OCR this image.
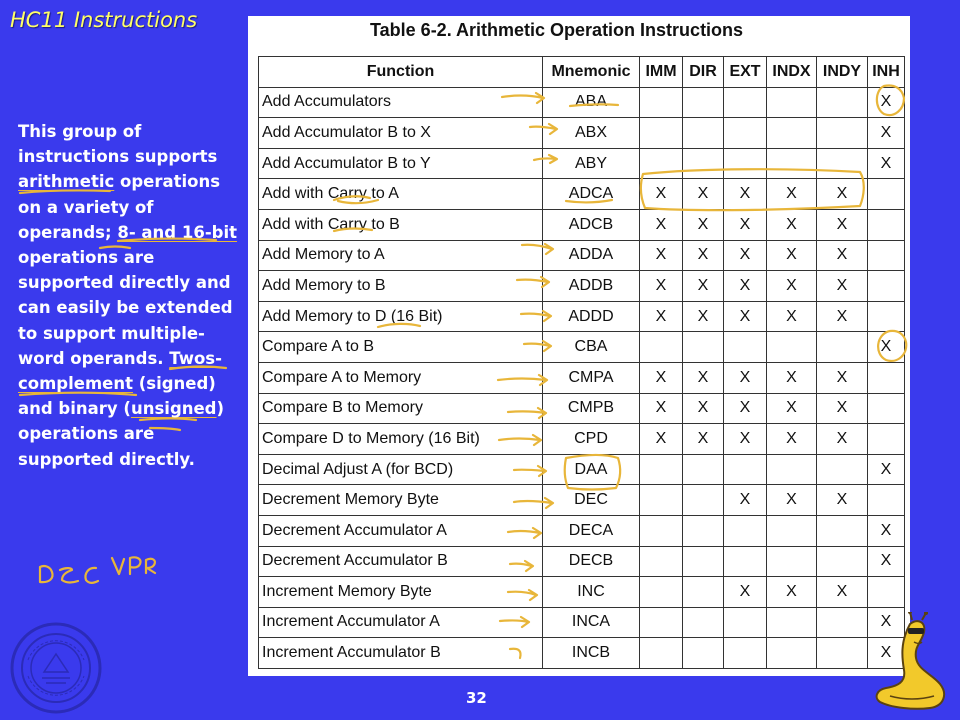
HC11 Instructions
This group of instructions supports arithmetic operations on a variety of operands; 8- and 16-bit operations are supported directly and can easily be extended to support multiple-word operands. Twos-complement (signed) and binary (unsigned) operations are supported directly.
Table 6-2. Arithmetic Operation Instructions
Function	Mnemonic	IMM	DIR	EXT	INDX	INDY	INH
Add Accumulators	ABA						X
Add Accumulator B to X	ABX						X
Add Accumulator B to Y	ABY						X
Add with Carry to A	ADCA	X	X	X	X	X	
Add with Carry to B	ADCB	X	X	X	X	X	
Add Memory to A	ADDA	X	X	X	X	X	
Add Memory to B	ADDB	X	X	X	X	X	
Add Memory to D (16 Bit)	ADDD	X	X	X	X	X	
Compare A to B	CBA						X
Compare A to Memory	CMPA	X	X	X	X	X	
Compare B to Memory	CMPB	X	X	X	X	X	
Compare D to Memory (16 Bit)	CPD	X	X	X	X	X	
Decimal Adjust A (for BCD)	DAA						X
Decrement Memory Byte	DEC			X	X	X	
Decrement Accumulator A	DECA						X
Decrement Accumulator B	DECB						X
Increment Memory Byte	INC			X	X	X	
Increment Accumulator A	INCA						X
Increment Accumulator B	INCB						X
32
